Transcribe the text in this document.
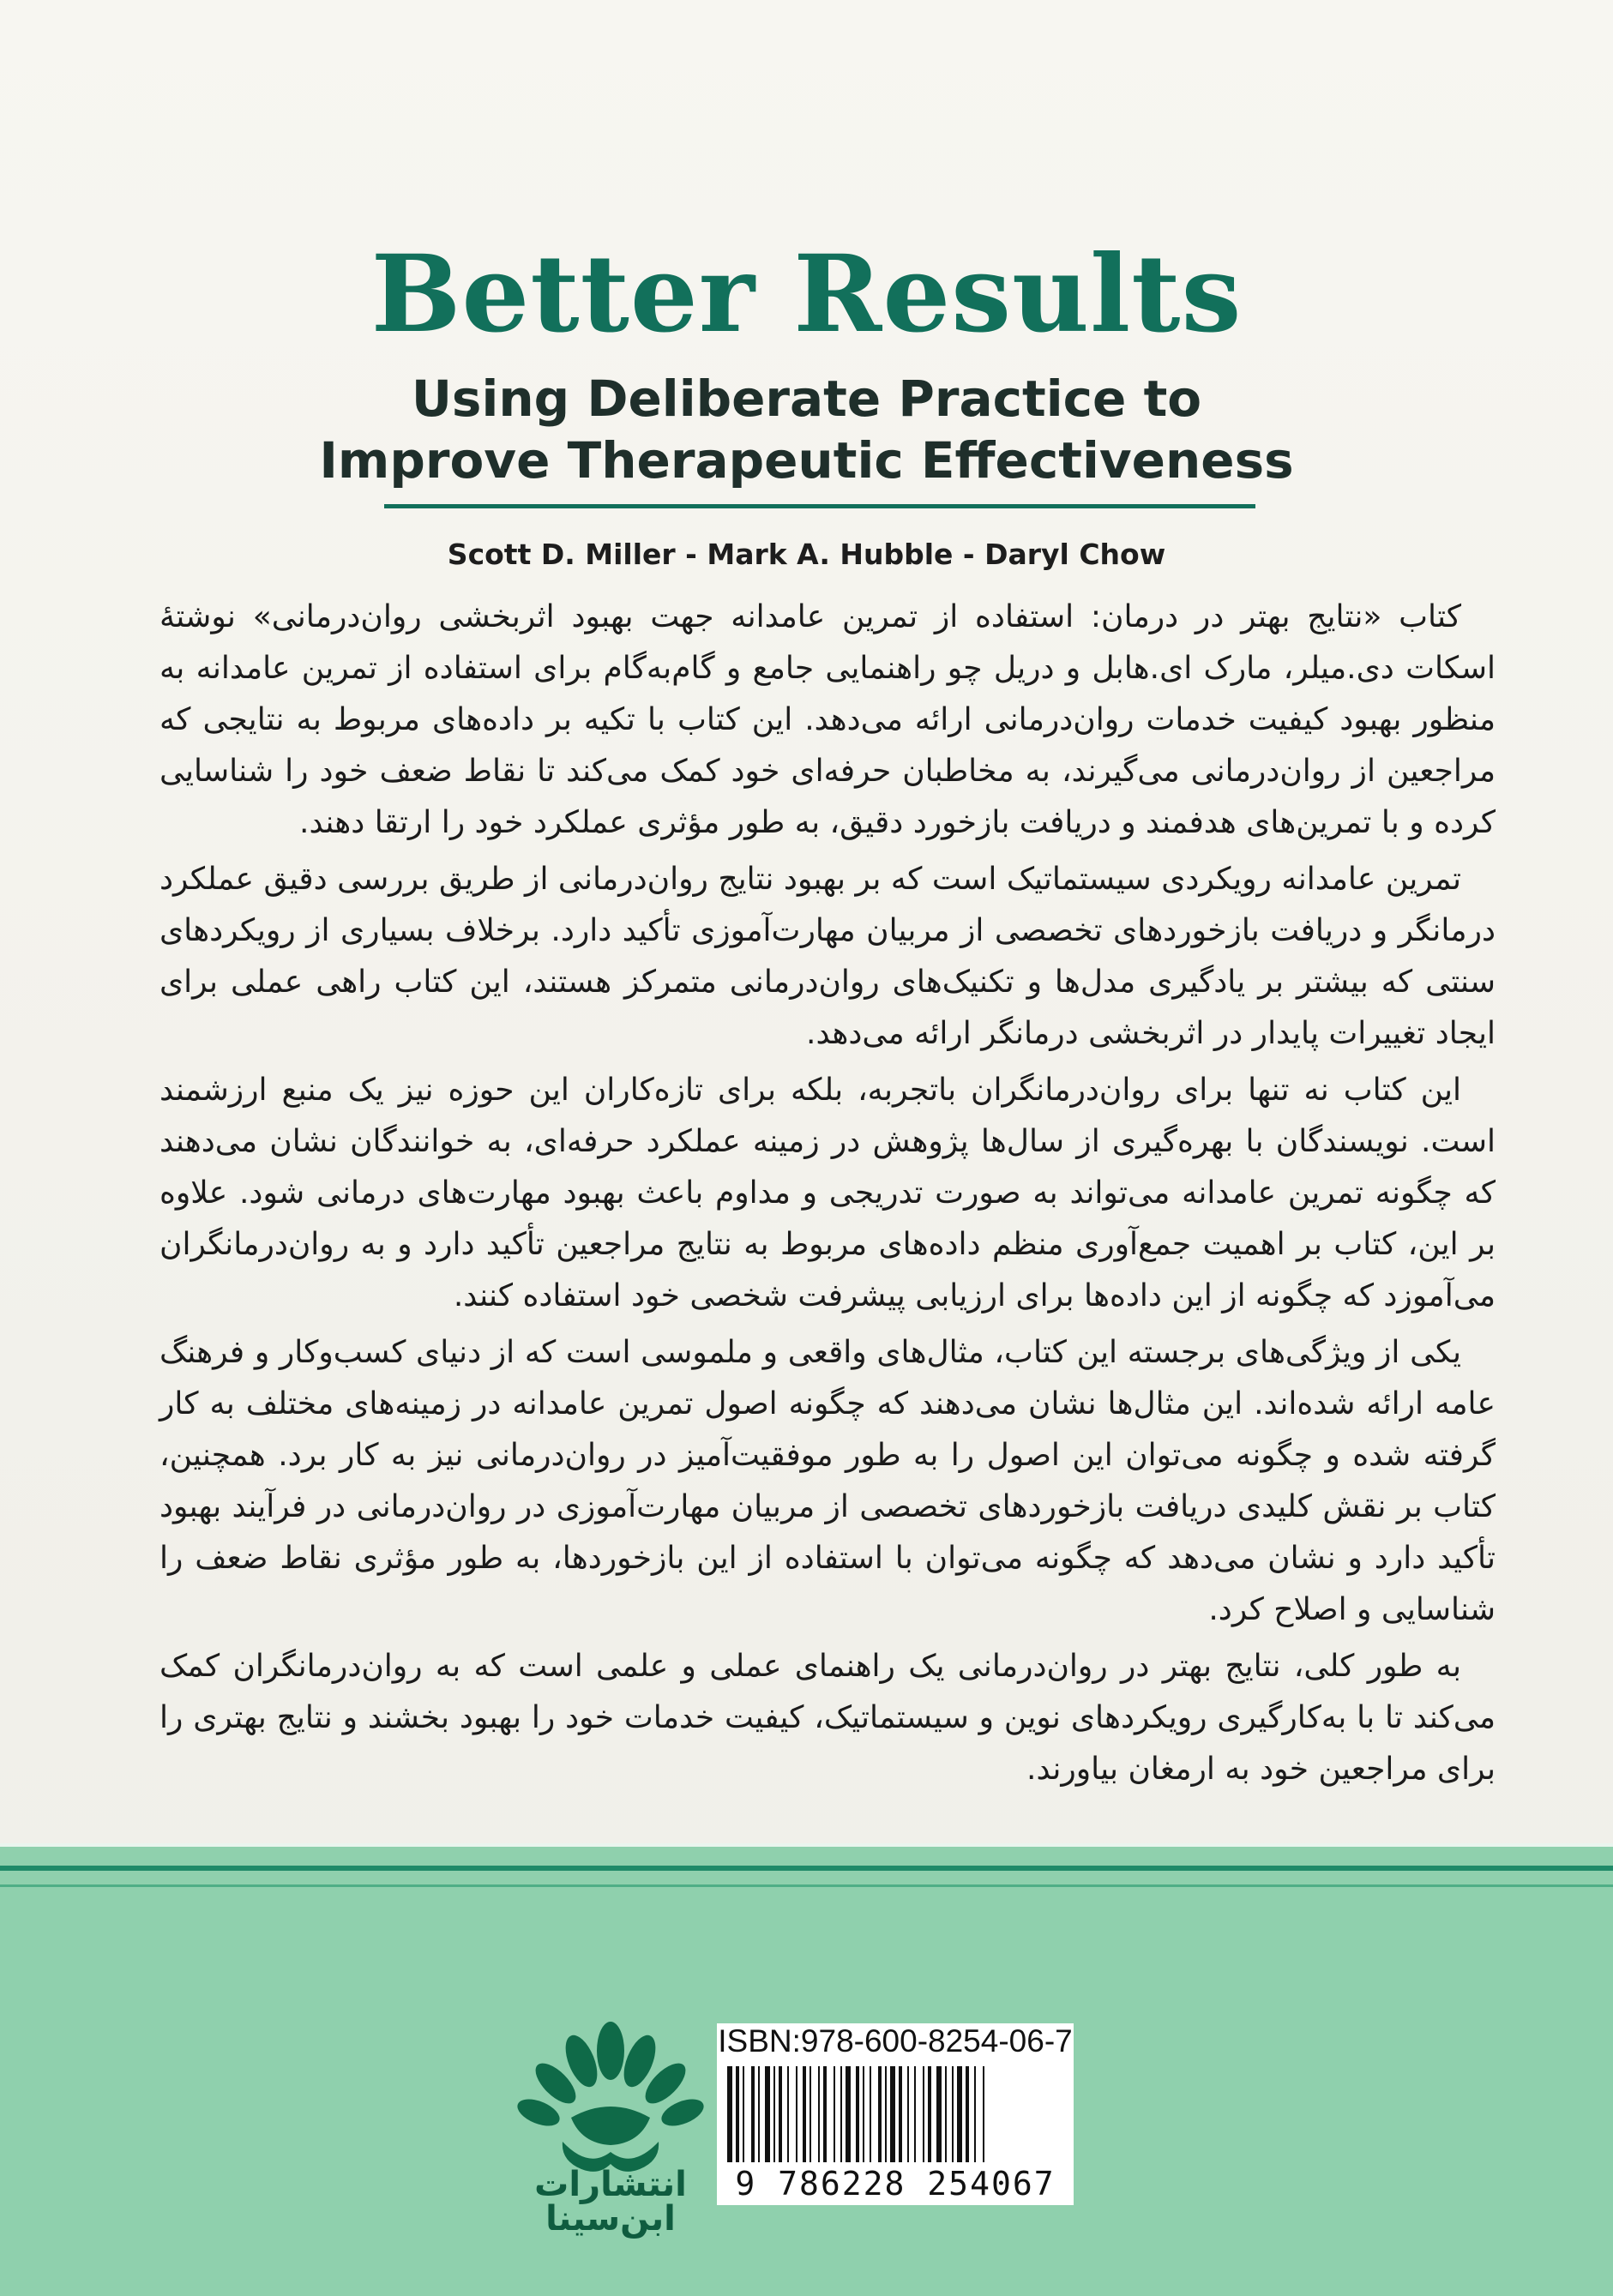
Better Results
Using Deliberate Practice to
Improve Therapeutic Effectiveness

Scott D. Miller - Mark A. Hubble - Daryl Chow

کتاب «نتایج بهتر در درمان: استفاده از تمرین عامدانه جهت بهبود اثربخشی روان‌درمانی» نوشتهٔ اسکات دی.میلر، مارک ای.هابل و دریل چو راهنمایی جامع و گام‌به‌گام برای استفاده از تمرین عامدانه به منظور بهبود کیفیت خدمات روان‌درمانی ارائه می‌دهد. این کتاب با تکیه بر داده‌های مربوط به نتایجی که مراجعین از روان‌درمانی می‌گیرند، به مخاطبان حرفه‌ای خود کمک می‌کند تا نقاط ضعف خود را شناسایی کرده و با تمرین‌های هدفمند و دریافت بازخورد دقیق، به طور مؤثری عملکرد خود را ارتقا دهند.

تمرین عامدانه رویکردی سیستماتیک است که بر بهبود نتایج روان‌درمانی از طریق بررسی دقیق عملکرد درمانگر و دریافت بازخوردهای تخصصی از مربیان مهارت‌آموزی تأکید دارد. برخلاف بسیاری از رویکردهای سنتی که بیشتر بر یادگیری مدل‌ها و تکنیک‌های روان‌درمانی متمرکز هستند، این کتاب راهی عملی برای ایجاد تغییرات پایدار در اثربخشی درمانگر ارائه می‌دهد.

این کتاب نه تنها برای روان‌درمانگران باتجربه، بلکه برای تازه‌کاران این حوزه نیز یک منبع ارزشمند است. نویسندگان با بهره‌گیری از سال‌ها پژوهش در زمینه عملکرد حرفه‌ای، به خوانندگان نشان می‌دهند که چگونه تمرین عامدانه می‌تواند به صورت تدریجی و مداوم باعث بهبود مهارت‌های درمانی شود. علاوه بر این، کتاب بر اهمیت جمع‌آوری منظم داده‌های مربوط به نتایج مراجعین تأکید دارد و به روان‌درمانگران می‌آموزد که چگونه از این داده‌ها برای ارزیابی پیشرفت شخصی خود استفاده کنند.

یکی از ویژگی‌های برجسته این کتاب، مثال‌های واقعی و ملموسی است که از دنیای کسب‌وکار و فرهنگ عامه ارائه شده‌اند. این مثال‌ها نشان می‌دهند که چگونه اصول تمرین عامدانه در زمینه‌های مختلف به کار گرفته شده و چگونه می‌توان این اصول را به طور موفقیت‌آمیز در روان‌درمانی نیز به کار برد. همچنین، کتاب بر نقش کلیدی دریافت بازخوردهای تخصصی از مربیان مهارت‌آموزی در روان‌درمانی در فرآیند بهبود تأکید دارد و نشان می‌دهد که چگونه می‌توان با استفاده از این بازخوردها، به طور مؤثری نقاط ضعف را شناسایی و اصلاح کرد.

به طور کلی، نتایج بهتر در روان‌درمانی یک راهنمای عملی و علمی است که به روان‌درمانگران کمک می‌کند تا با به‌کارگیری رویکردهای نوین و سیستماتیک، کیفیت خدمات خود را بهبود بخشند و نتایج بهتری را برای مراجعین خود به ارمغان بیاورند.

انتشارات ابن‌سینا

ISBN:978-600-8254-06-7

9 786228 254067
